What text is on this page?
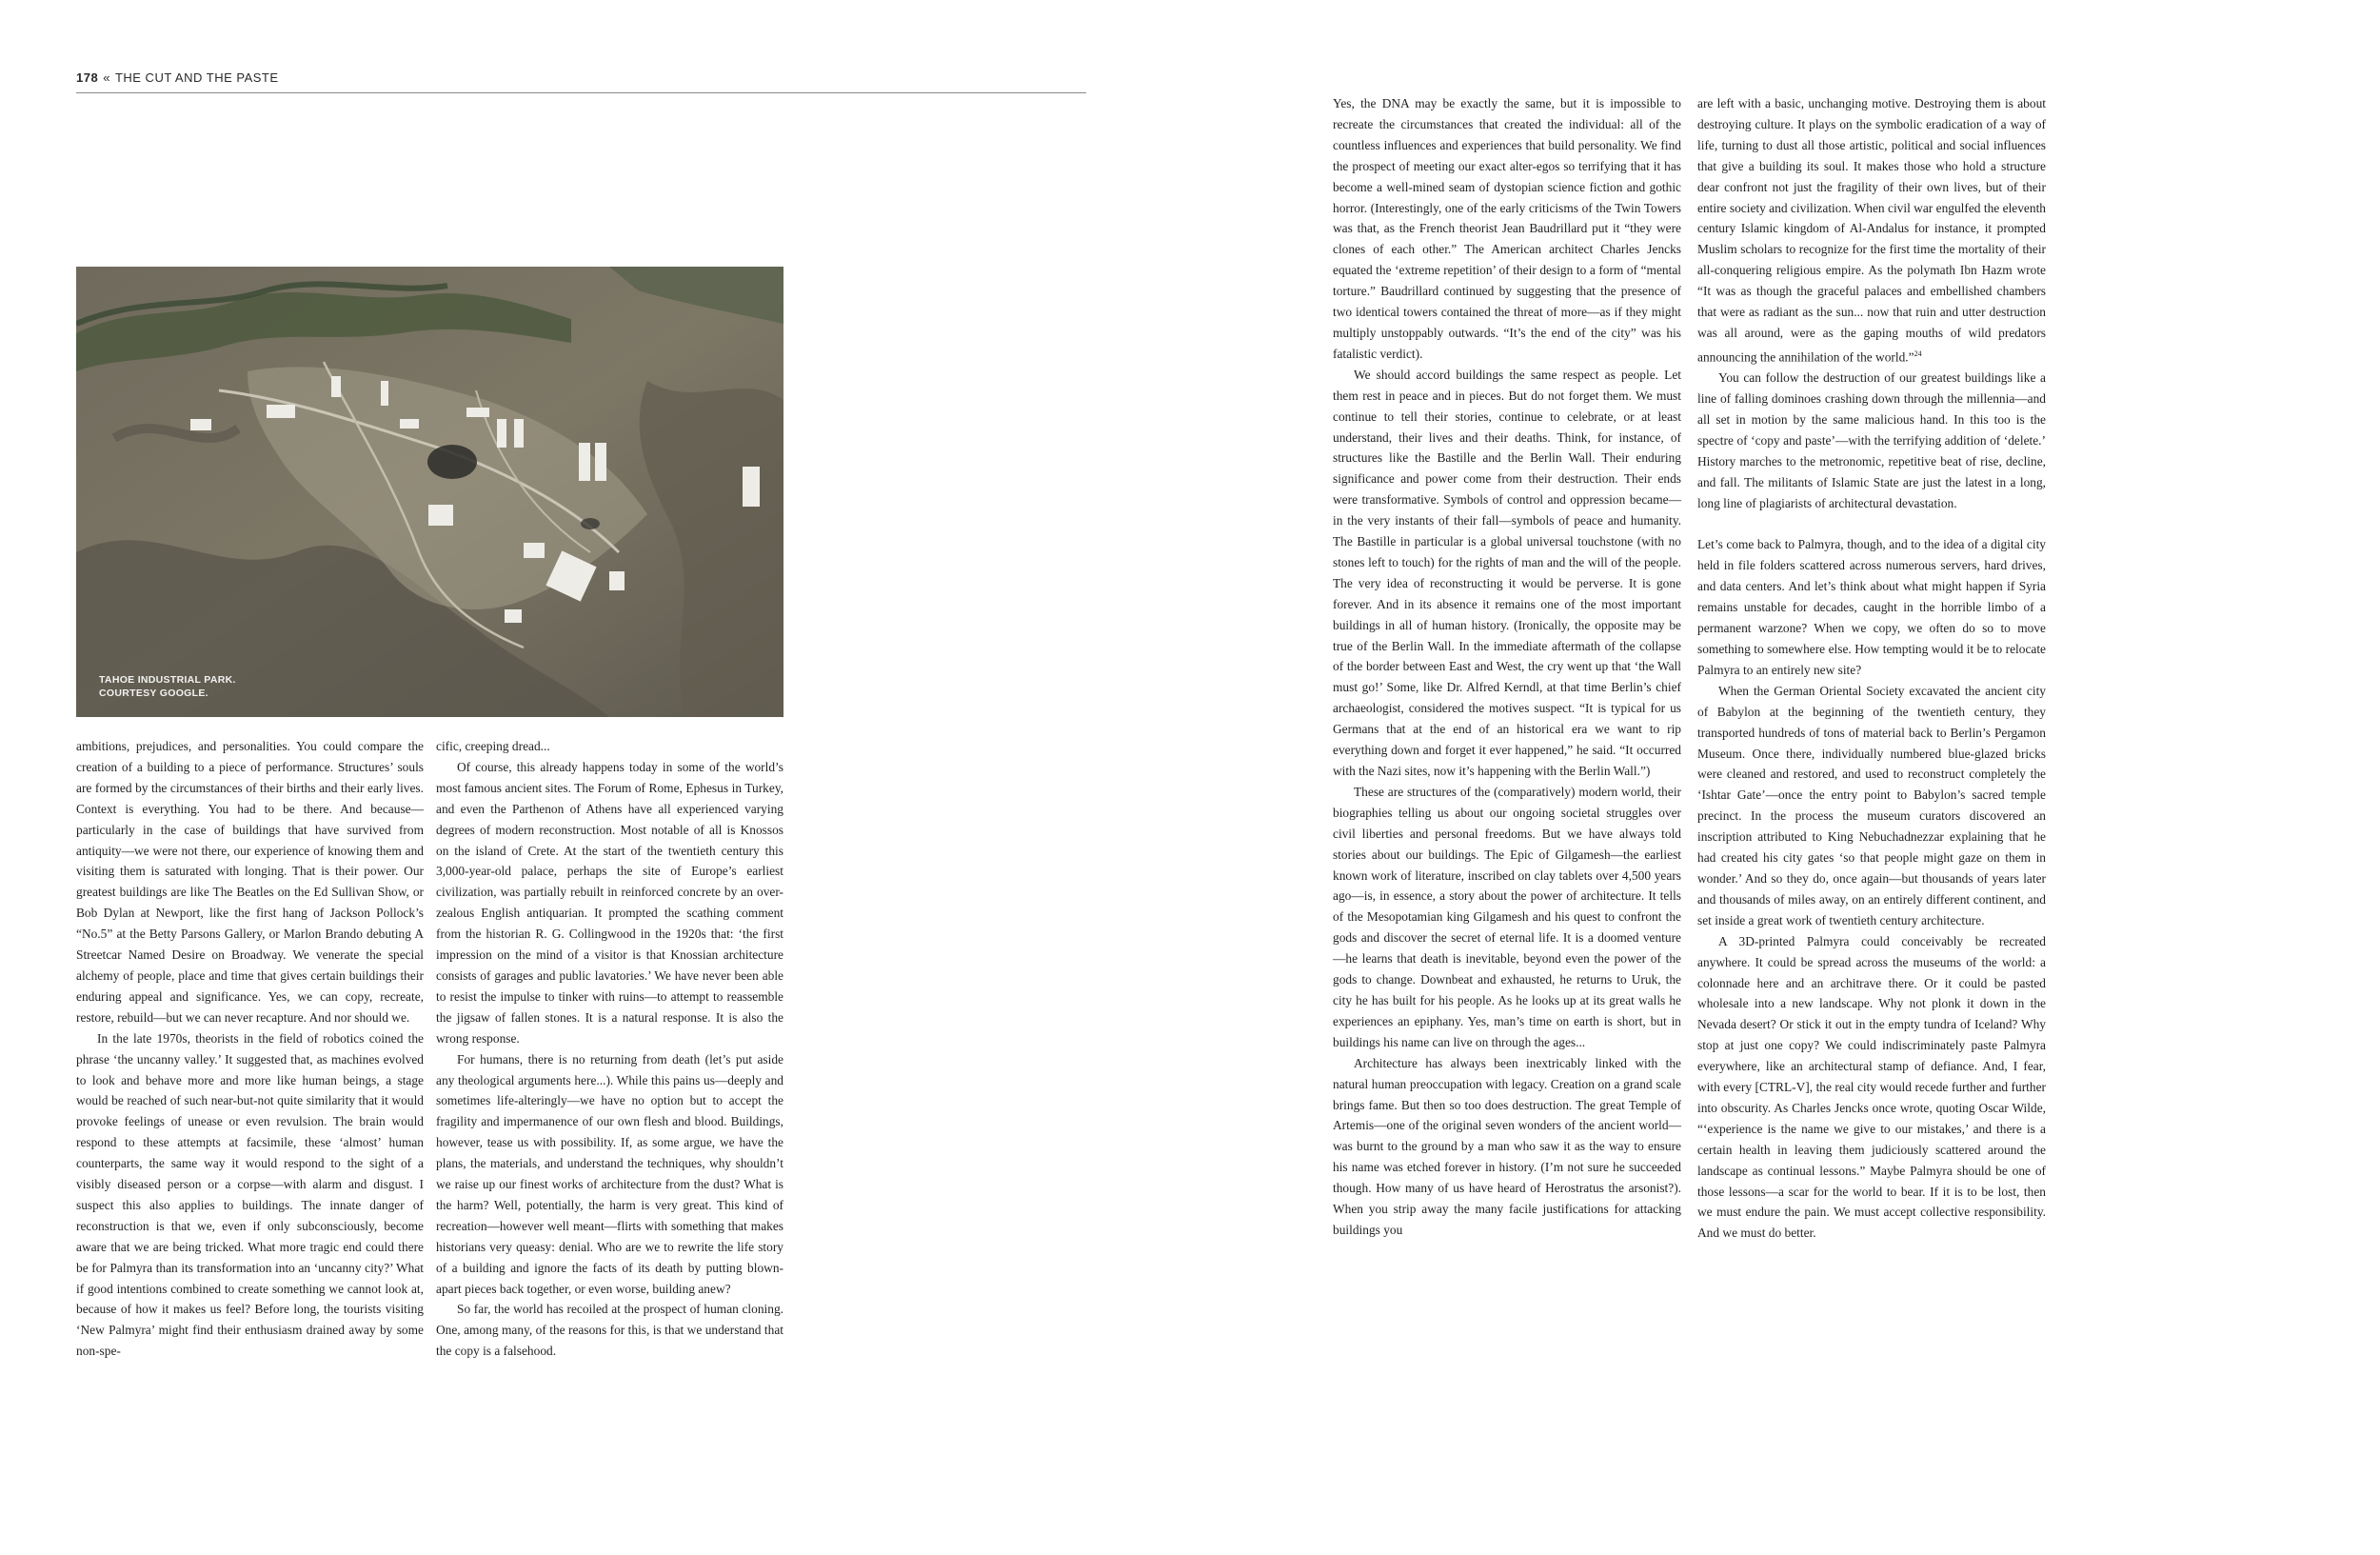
178 « THE CUT AND THE PASTE
TAHOE INDUSTRIAL PARK.
COURTESY GOOGLE.

ambitions, prejudices, and personalities. You could compare the creation of a building to a piece of performance. Structures’ souls are formed by the circumstances of their births and their early lives. Context is everything. You had to be there. And because—particularly in the case of buildings that have survived from antiquity—we were not there, our experience of knowing them and visiting them is saturated with longing. That is their power. Our greatest buildings are like The Beatles on the Ed Sullivan Show, or Bob Dylan at Newport, like the first hang of Jackson Pollock’s “No.5” at the Betty Parsons Gallery, or Marlon Brando debuting A Streetcar Named Desire on Broadway. We venerate the special alchemy of people, place and time that gives certain buildings their enduring appeal and significance. Yes, we can copy, recreate, restore, rebuild—but we can never recapture. And nor should we.

In the late 1970s, theorists in the field of robotics coined the phrase ‘the uncanny valley.’ It suggested that, as machines evolved to look and behave more and more like human beings, a stage would be reached of such near-but-not quite similarity that it would provoke feelings of unease or even revulsion. The brain would respond to these attempts at facsimile, these ‘almost’ human counterparts, the same way it would respond to the sight of a visibly diseased person or a corpse—with alarm and disgust. I suspect this also applies to buildings. The innate danger of reconstruction is that we, even if only subconsciously, become aware that we are being tricked. What more tragic end could there be for Palmyra than its transformation into an ‘uncanny city?’ What if good intentions combined to create something we cannot look at, because of how it makes us feel? Before long, the tourists visiting ‘New Palmyra’ might find their enthusiasm drained away by some non-spe-

cific, creeping dread...

Of course, this already happens today in some of the world’s most famous ancient sites. The Forum of Rome, Ephesus in Turkey, and even the Parthenon of Athens have all experienced varying degrees of modern reconstruction. Most notable of all is Knossos on the island of Crete. At the start of the twentieth century this 3,000-year-old palace, perhaps the site of Europe’s earliest civilization, was partially rebuilt in reinforced concrete by an over-zealous English antiquarian. It prompted the scathing comment from the historian R. G. Collingwood in the 1920s that: ‘the first impression on the mind of a visitor is that Knossian architecture consists of garages and public lavatories.’ We have never been able to resist the impulse to tinker with ruins—to attempt to reassemble the jigsaw of fallen stones. It is a natural response. It is also the wrong response.

For humans, there is no returning from death (let’s put aside any theological arguments here...). While this pains us—deeply and sometimes life-alteringly—we have no option but to accept the fragility and impermanence of our own flesh and blood. Buildings, however, tease us with possibility. If, as some argue, we have the plans, the materials, and understand the techniques, why shouldn’t we raise up our finest works of architecture from the dust? What is the harm? Well, potentially, the harm is very great. This kind of recreation—however well meant—flirts with something that makes historians very queasy: denial. Who are we to rewrite the life story of a building and ignore the facts of its death by putting blown-apart pieces back together, or even worse, building anew?

So far, the world has recoiled at the prospect of human cloning. One, among many, of the reasons for this, is that we understand that the copy is a falsehood.

Yes, the DNA may be exactly the same, but it is impossible to recreate the circumstances that created the individual: all of the countless influences and experiences that build personality. We find the prospect of meeting our exact alter-egos so terrifying that it has become a well-mined seam of dystopian science fiction and gothic horror. (Interestingly, one of the early criticisms of the Twin Towers was that, as the French theorist Jean Baudrillard put it “they were clones of each other.” The American architect Charles Jencks equated the ‘extreme repetition’ of their design to a form of “mental torture.” Baudrillard continued by suggesting that the presence of two identical towers contained the threat of more—as if they might multiply unstoppably outwards. “It’s the end of the city” was his fatalistic verdict).

We should accord buildings the same respect as people. Let them rest in peace and in pieces. But do not forget them. We must continue to tell their stories, continue to celebrate, or at least understand, their lives and their deaths. Think, for instance, of structures like the Bastille and the Berlin Wall. Their enduring significance and power come from their destruction. Their ends were transformative. Symbols of control and oppression became—in the very instants of their fall—symbols of peace and humanity. The Bastille in particular is a global universal touchstone (with no stones left to touch) for the rights of man and the will of the people. The very idea of reconstructing it would be perverse. It is gone forever. And in its absence it remains one of the most important buildings in all of human history. (Ironically, the opposite may be true of the Berlin Wall. In the immediate aftermath of the collapse of the border between East and West, the cry went up that ‘the Wall must go!’ Some, like Dr. Alfred Kerndl, at that time Berlin’s chief archaeologist, considered the motives suspect. “It is typical for us Germans that at the end of an historical era we want to rip everything down and forget it ever happened,” he said. “It occurred with the Nazi sites, now it’s happening with the Berlin Wall.”)

These are structures of the (comparatively) modern world, their biographies telling us about our ongoing societal struggles over civil liberties and personal freedoms. But we have always told stories about our buildings. The Epic of Gilgamesh—the earliest known work of literature, inscribed on clay tablets over 4,500 years ago—is, in essence, a story about the power of architecture. It tells of the Mesopotamian king Gilgamesh and his quest to confront the gods and discover the secret of eternal life. It is a doomed venture—he learns that death is inevitable, beyond even the power of the gods to change. Downbeat and exhausted, he returns to Uruk, the city he has built for his people. As he looks up at its great walls he experiences an epiphany. Yes, man’s time on earth is short, but in buildings his name can live on through the ages...

Architecture has always been inextricably linked with the natural human preoccupation with legacy. Creation on a grand scale brings fame. But then so too does destruction. The great Temple of Artemis—one of the original seven wonders of the ancient world—was burnt to the ground by a man who saw it as the way to ensure his name was etched forever in history. (I’m not sure he succeeded though. How many of us have heard of Herostratus the arsonist?). When you strip away the many facile justifications for attacking buildings you

are left with a basic, unchanging motive. Destroying them is about destroying culture. It plays on the symbolic eradication of a way of life, turning to dust all those artistic, political and social influences that give a building its soul. It makes those who hold a structure dear confront not just the fragility of their own lives, but of their entire society and civilization. When civil war engulfed the eleventh century Islamic kingdom of Al-Andalus for instance, it prompted Muslim scholars to recognize for the first time the mortality of their all-conquering religious empire. As the polymath Ibn Hazm wrote “It was as though the graceful palaces and embellished chambers that were as radiant as the sun... now that ruin and utter destruction was all around, were as the gaping mouths of wild predators announcing the annihilation of the world.”$^{24}$

You can follow the destruction of our greatest buildings like a line of falling dominoes crashing down through the millennia—and all set in motion by the same malicious hand. In this too is the spectre of ‘copy and paste’—with the terrifying addition of ‘delete.’ History marches to the metronomic, repetitive beat of rise, decline, and fall. The militants of Islamic State are just the latest in a long, long line of plagiarists of architectural devastation.

Let’s come back to Palmyra, though, and to the idea of a digital city held in file folders scattered across numerous servers, hard drives, and data centers. And let’s think about what might happen if Syria remains unstable for decades, caught in the horrible limbo of a permanent warzone? When we copy, we often do so to move something to somewhere else. How tempting would it be to relocate Palmyra to an entirely new site?

When the German Oriental Society excavated the ancient city of Babylon at the beginning of the twentieth century, they transported hundreds of tons of material back to Berlin’s Pergamon Museum. Once there, individually numbered blue-glazed bricks were cleaned and restored, and used to reconstruct completely the ‘Ishtar Gate’—once the entry point to Babylon’s sacred temple precinct. In the process the museum curators discovered an inscription attributed to King Nebuchadnezzar explaining that he had created his city gates ‘so that people might gaze on them in wonder.’ And so they do, once again—but thousands of years later and thousands of miles away, on an entirely different continent, and set inside a great work of twentieth century architecture.

A 3D-printed Palmyra could conceivably be recreated anywhere. It could be spread across the museums of the world: a colonnade here and an architrave there. Or it could be pasted wholesale into a new landscape. Why not plonk it down in the Nevada desert? Or stick it out in the empty tundra of Iceland? Why stop at just one copy? We could indiscriminately paste Palmyra everywhere, like an architectural stamp of defiance. And, I fear, with every [CTRL-V], the real city would recede further and further into obscurity. As Charles Jencks once wrote, quoting Oscar Wilde, “‘experience is the name we give to our mistakes,’ and there is a certain health in leaving them judiciously scattered around the landscape as continual lessons.” Maybe Palmyra should be one of those lessons—a scar for the world to bear. If it is to be lost, then we must endure the pain. We must accept collective responsibility. And we must do better.
